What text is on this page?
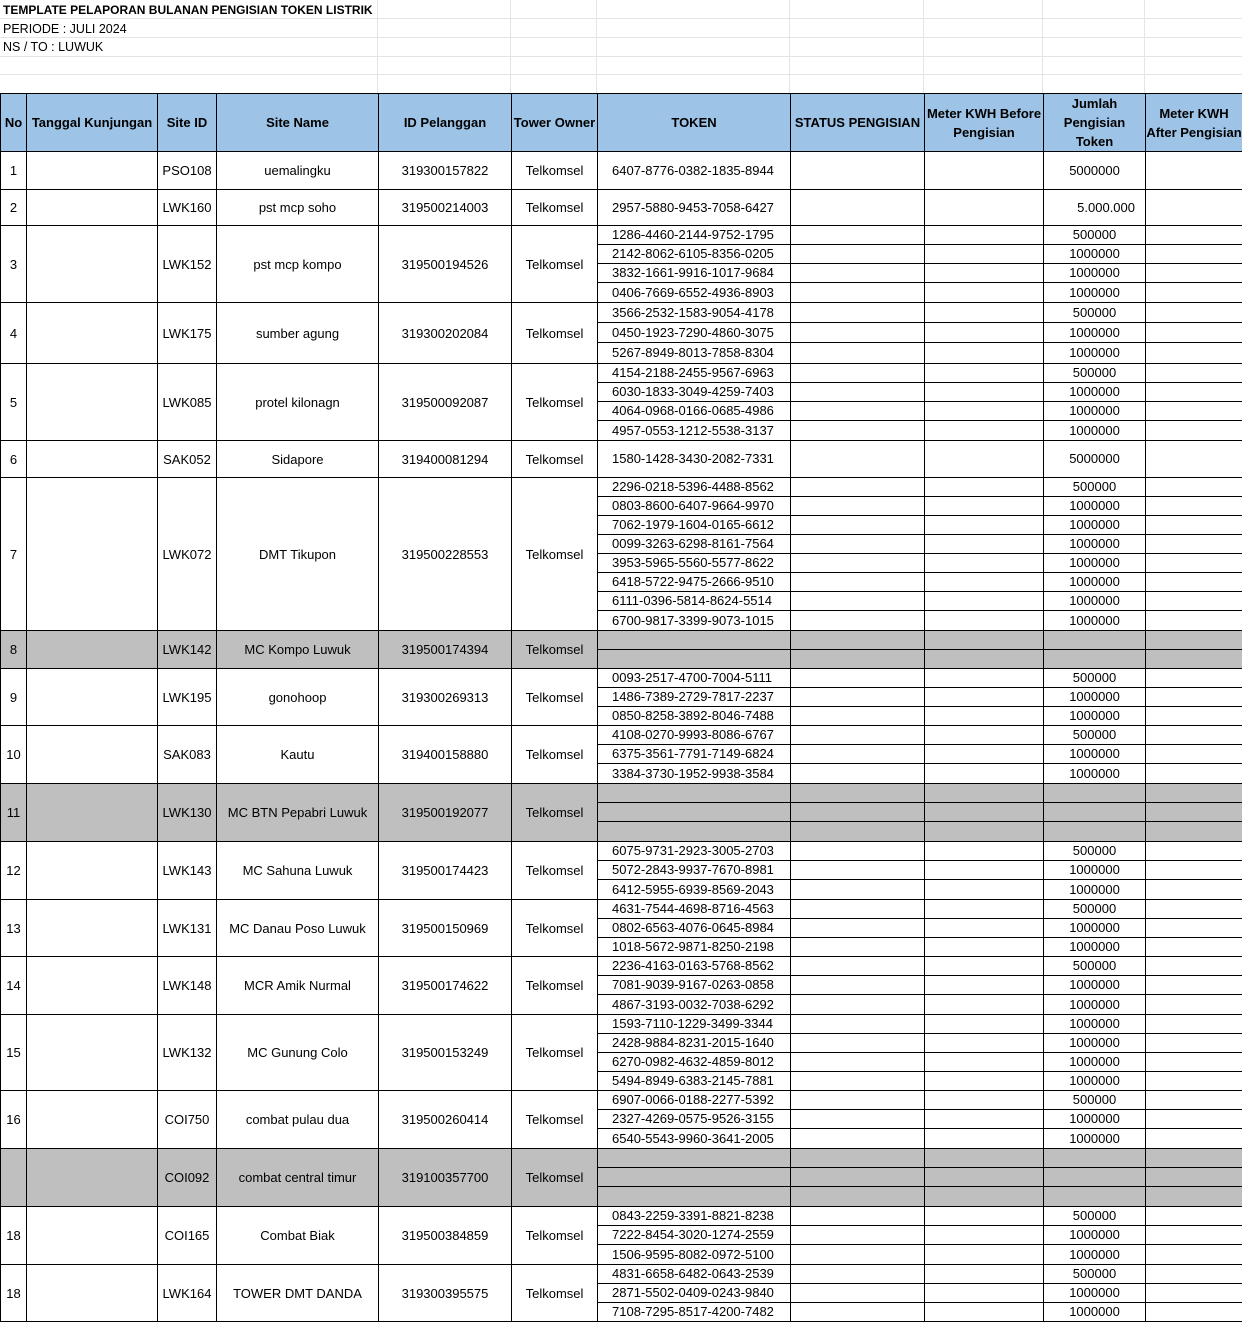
TEMPLATE PELAPORAN BULANAN PENGISIAN TOKEN LISTRIK
PERIODE : JULI 2024
NS / TO : LUWUK
No	Tanggal Kunjungan	Site ID	Site Name	ID Pelanggan	Tower Owner	TOKEN	STATUS PENGISIAN	Meter KWH Before Pengisian	Jumlah Pengisian Token	Meter KWH After Pengisian
1		PSO108	uemalingku	319300157822	Telkomsel	6407-8776-0382-1835-8944			5000000	
2		LWK160	pst mcp soho	319500214003	Telkomsel	2957-5880-9453-7058-6427			5.000.000	
3		LWK152	pst mcp kompo	319500194526	Telkomsel	1286-4460-2144-9752-1795			500000	
						2142-8062-6105-8356-0205			1000000	
						3832-1661-9916-1017-9684			1000000	
						0406-7669-6552-4936-8903			1000000	
4		LWK175	sumber agung	319300202084	Telkomsel	3566-2532-1583-9054-4178			500000	
						0450-1923-7290-4860-3075			1000000	
						5267-8949-8013-7858-8304			1000000	
5		LWK085	protel kilonagn	319500092087	Telkomsel	4154-2188-2455-9567-6963			500000	
						6030-1833-3049-4259-7403			1000000	
						4064-0968-0166-0685-4986			1000000	
						4957-0553-1212-5538-3137			1000000	
6		SAK052	Sidapore	319400081294	Telkomsel	1580-1428-3430-2082-7331			5000000	
7		LWK072	DMT Tikupon	319500228553	Telkomsel	2296-0218-5396-4488-8562			500000	
						0803-8600-6407-9664-9970			1000000	
						7062-1979-1604-0165-6612			1000000	
						0099-3263-6298-8161-7564			1000000	
						3953-5965-5560-5577-8622			1000000	
						6418-5722-9475-2666-9510			1000000	
						6111-0396-5814-8624-5514			1000000	
						6700-9817-3399-9073-1015			1000000	
8		LWK142	MC Kompo Luwuk	319500174394	Telkomsel					

9		LWK195	gonohoop	319300269313	Telkomsel	0093-2517-4700-7004-5111			500000	
						1486-7389-2729-7817-2237			1000000	
						0850-8258-3892-8046-7488			1000000	
10		SAK083	Kautu	319400158880	Telkomsel	4108-0270-9993-8086-6767			500000	
						6375-3561-7791-7149-6824			1000000	
						3384-3730-1952-9938-3584			1000000	
11		LWK130	MC BTN Pepabri Luwuk	319500192077	Telkomsel					

12		LWK143	MC Sahuna Luwuk	319500174423	Telkomsel	6075-9731-2923-3005-2703			500000	
						5072-2843-9937-7670-8981			1000000	
						6412-5955-6939-8569-2043			1000000	
13		LWK131	MC Danau Poso Luwuk	319500150969	Telkomsel	4631-7544-4698-8716-4563			500000	
						0802-6563-4076-0645-8984			1000000	
						1018-5672-9871-8250-2198			1000000	
14		LWK148	MCR Amik Nurmal	319500174622	Telkomsel	2236-4163-0163-5768-8562			500000	
						7081-9039-9167-0263-0858			1000000	
						4867-3193-0032-7038-6292			1000000	
15		LWK132	MC Gunung Colo	319500153249	Telkomsel	1593-7110-1229-3499-3344			1000000	
						2428-9884-8231-2015-1640			1000000	
						6270-0982-4632-4859-8012			1000000	
						5494-8949-6383-2145-7881			1000000	
16		COI750	combat pulau dua	319500260414	Telkomsel	6907-0066-0188-2277-5392			500000	
						2327-4269-0575-9526-3155			1000000	
						6540-5543-9960-3641-2005			1000000	
		COI092	combat central timur	319100357700	Telkomsel					

18		COI165	Combat Biak	319500384859	Telkomsel	0843-2259-3391-8821-8238			500000	
						7222-8454-3020-1274-2559			1000000	
						1506-9595-8082-0972-5100			1000000	
18		LWK164	TOWER DMT DANDA	319300395575	Telkomsel	4831-6658-6482-0643-2539			500000	
						2871-5502-0409-0243-9840			1000000	
						7108-7295-8517-4200-7482			1000000	
